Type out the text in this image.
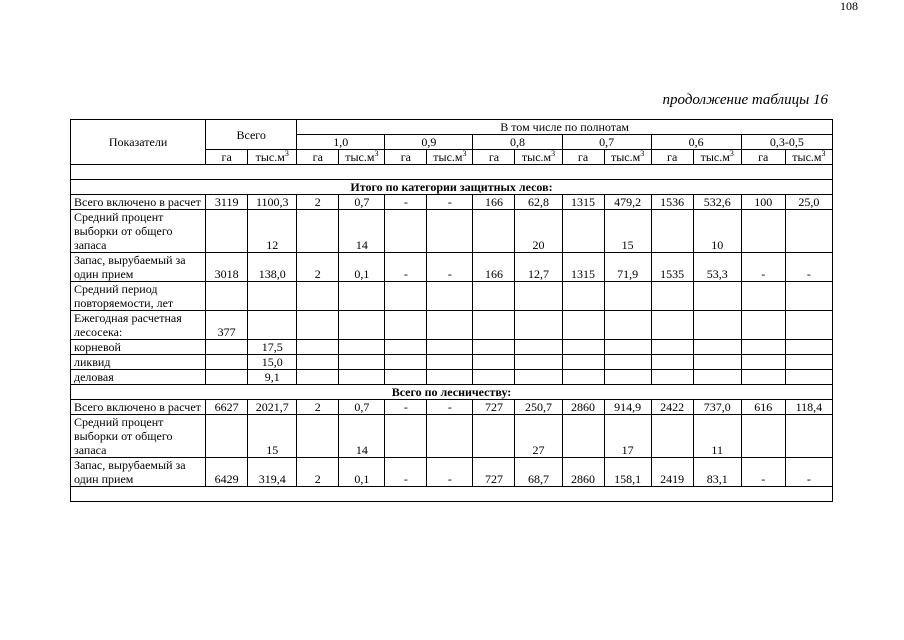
108
продолжение таблицы 16
Показатели	Всего		В том числе по полнотам											
			1,0		0,9		0,8		0,7		0,6		0,3-0,5	
	га	$тыс.м^3$	га	$тыс.м^3$	га	$тыс.м^3$	га	$тыс.м^3$	га	$тыс.м^3$	га	$тыс.м^3$	га	$тыс.м^3$

Итого по категории защитных лесов:														
Всего включено в расчет	3119	1100,3	2	0,7	-	-	166	62,8	1315	479,2	1536	532,6	100	25,0
Средний процент выборки от общего запаса		12		14				20		15		10		
Запас, вырубаемый за один прием	3018	138,0	2	0,1	-	-	166	12,7	1315	71,9	1535	53,3	-	-
Средний период повторяемости, лет														
Ежегодная расчетная лесосека:	377													
корневой		17,5												
ликвид		15,0												
деловая		9,1												
Всего по лесничеству:														
Всего включено в расчет	6627	2021,7	2	0,7	-	-	727	250,7	2860	914,9	2422	737,0	616	118,4
Средний процент выборки от общего запаса		15		14				27		17		11		
Запас, вырубаемый за один прием	6429	319,4	2	0,1	-	-	727	68,7	2860	158,1	2419	83,1	-	-
